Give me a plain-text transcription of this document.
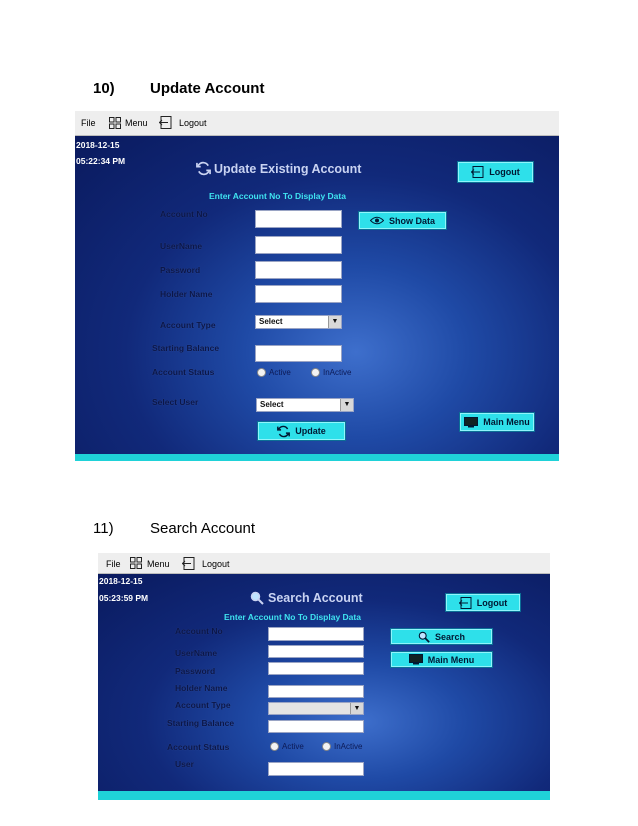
10) Update Account
File	Menu	Logout
2018-12-15
05:22:34 PM
Update Existing Account
Enter Account No To Display Data
Logout
Account No
Show Data
UserName
Password
Holder Name
Account Type	Select	▼
Starting Balance
Account Status	Active	InActive
Select User	Select	▼
Main Menu
Update
11) Search Account
File	Menu	Logout
2018-12-15
05:23:59 PM	Search Account
Enter Account No To Display Data
Logout
Account No
Search
UserName
Main Menu
Password
Holder Name
Account Type	▼
Starting Balance
Account Status	Active	InActive
User
